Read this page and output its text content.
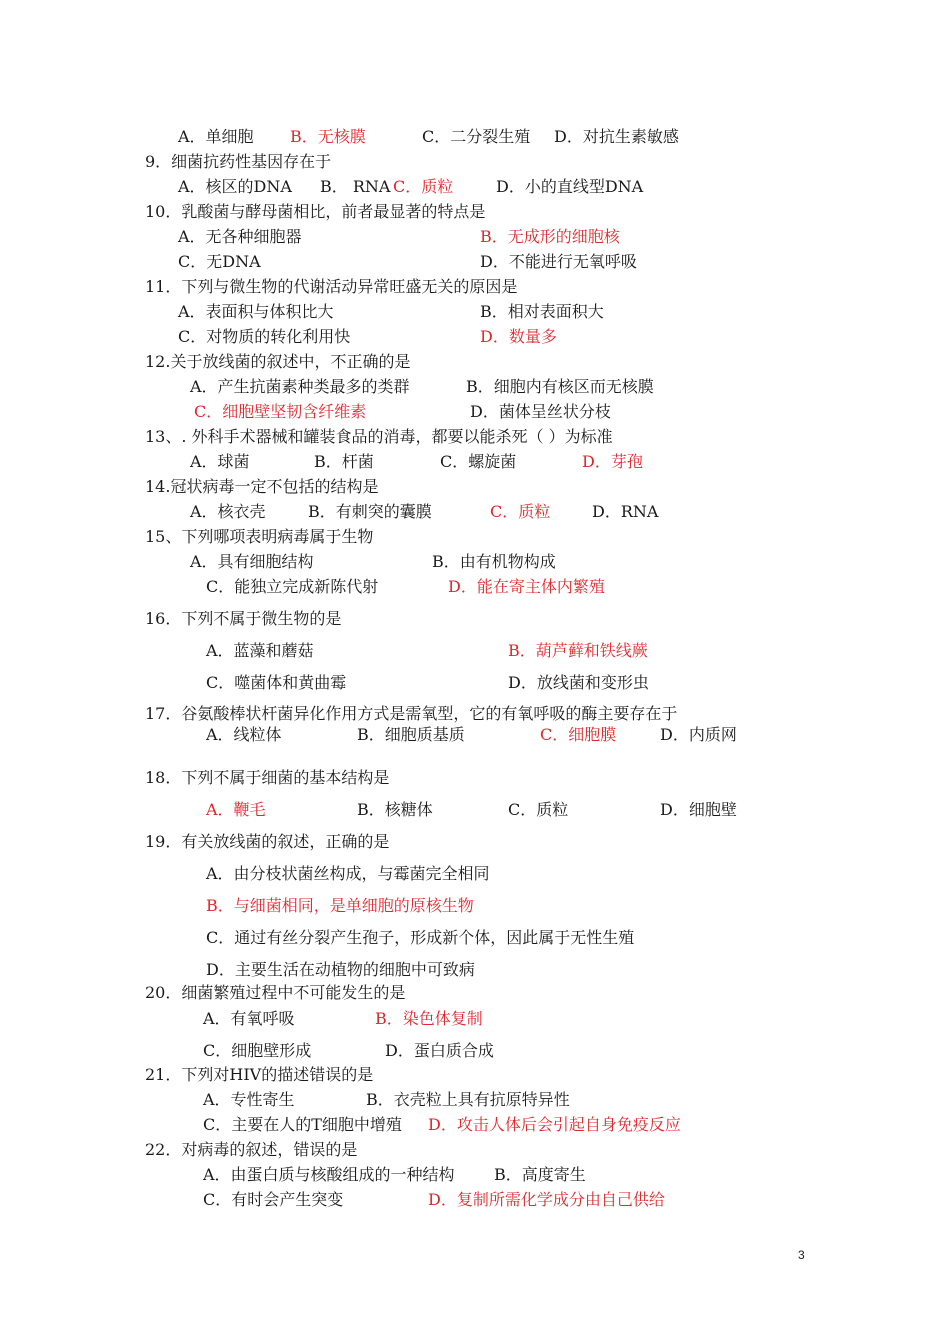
A．单细胞 B．无核膜	C．二分裂生殖 D．对抗生素敏感
9．细菌抗药性基因存在于
A．核区的DNA B． RNA C．质粒	D．小的直线型DNA
10．乳酸菌与酵母菌相比，前者最显著的特点是
A．无各种细胞器	B．无成形的细胞核
C．无DNA	D．不能进行无氧呼吸
11．下列与微生物的代谢活动异常旺盛无关的原因是
A．表面积与体积比大	B．相对表面积大
C．对物质的转化利用快	D．数量多
12.关于放线菌的叙述中，不正确的是
A．产生抗菌素种类最多的类群	B．细胞内有核区而无核膜
C．细胞壁坚韧含纤维素	D．菌体呈丝状分枝
13、. 外科手术器械和罐装食品的消毒，都要以能杀死（ ）为标准
A．球菌	B．杆菌	C．螺旋菌	D．芽孢
14.冠状病毒一定不包括的结构是
A．核衣壳	B．有刺突的囊膜	C．质粒	D．RNA
15、下列哪项表明病毒属于生物
A．具有细胞结构	B．由有机物构成
C．能独立完成新陈代射	D．能在寄主体内繁殖
16．下列不属于微生物的是
A．蓝藻和蘑菇	B．葫芦藓和铁线蕨
C．噬菌体和黄曲霉	D．放线菌和变形虫
17．谷氨酸棒状杆菌异化作用方式是需氧型，它的有氧呼吸的酶主要存在于
A．线粒体	B．细胞质基质	C．细胞膜	D．内质网
18．下列不属于细菌的基本结构是
A．鞭毛	B．核糖体	C．质粒	D．细胞壁
19．有关放线菌的叙述，正确的是
A．由分枝状菌丝构成，与霉菌完全相同
B．与细菌相同，是单细胞的原核生物
C．通过有丝分裂产生孢子，形成新个体，因此属于无性生殖
D．主要生活在动植物的细胞中可致病
20．细菌繁殖过程中不可能发生的是
A．有氧呼吸	B．染色体复制
C．细胞壁形成	D．蛋白质合成
21．下列对HIV的描述错误的是
A．专性寄生	B．衣壳粒上具有抗原特异性
C．主要在人的T细胞中增殖 D．攻击人体后会引起自身免疫反应
22．对病毒的叙述，错误的是
A．由蛋白质与核酸组成的一种结构 B．高度寄生
C．有时会产生突变	D．复制所需化学成分由自己供给
3
